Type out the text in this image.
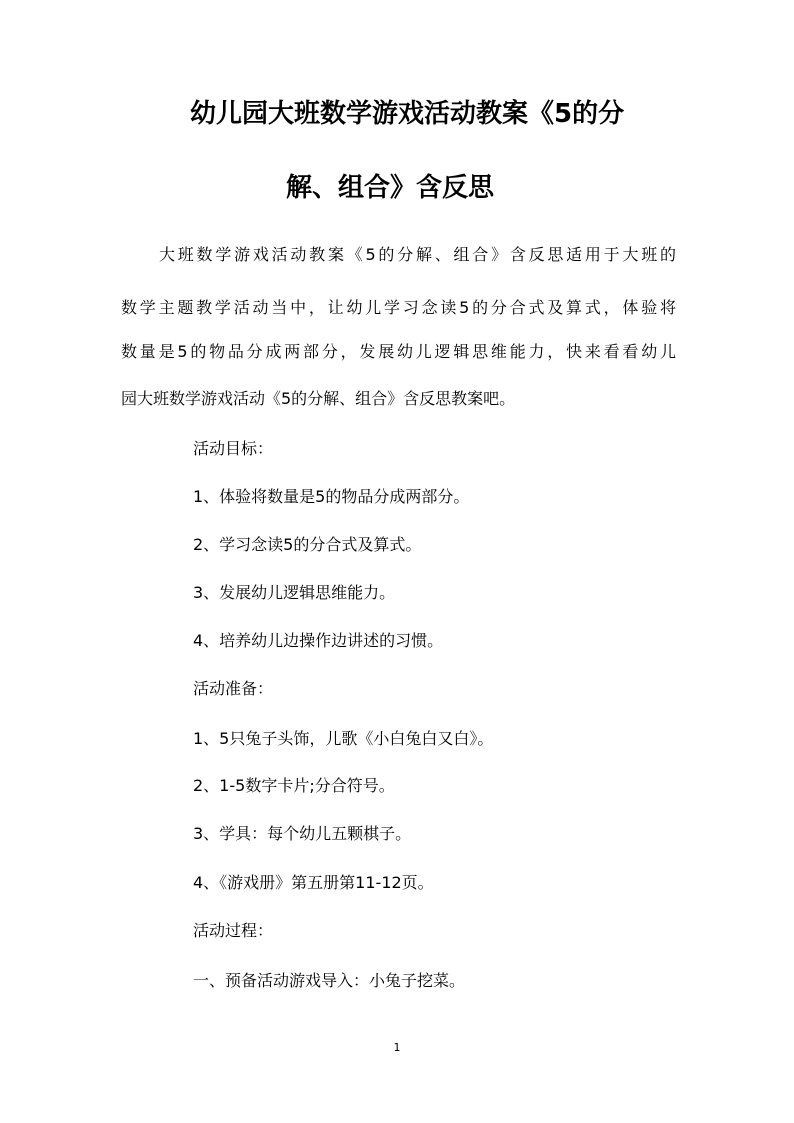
幼儿园大班数学游戏活动教案《5的分
解、组合》含反思
大班数学游戏活动教案《5的分解、组合》含反思适用于大班的
数学主题教学活动当中，让幼儿学习念读5的分合式及算式，体验将
数量是5的物品分成两部分，发展幼儿逻辑思维能力，快来看看幼儿
园大班数学游戏活动《5的分解、组合》含反思教案吧。
活动目标：
1、体验将数量是5的物品分成两部分。
2、学习念读5的分合式及算式。
3、发展幼儿逻辑思维能力。
4、培养幼儿边操作边讲述的习惯。
活动准备：
1、5只兔子头饰，儿歌《小白兔白又白》。
2、1-5数字卡片;分合符号。
3、学具：每个幼儿五颗棋子。
4、《游戏册》第五册第11-12页。
活动过程：
一、预备活动游戏导入：小兔子挖菜。
1
